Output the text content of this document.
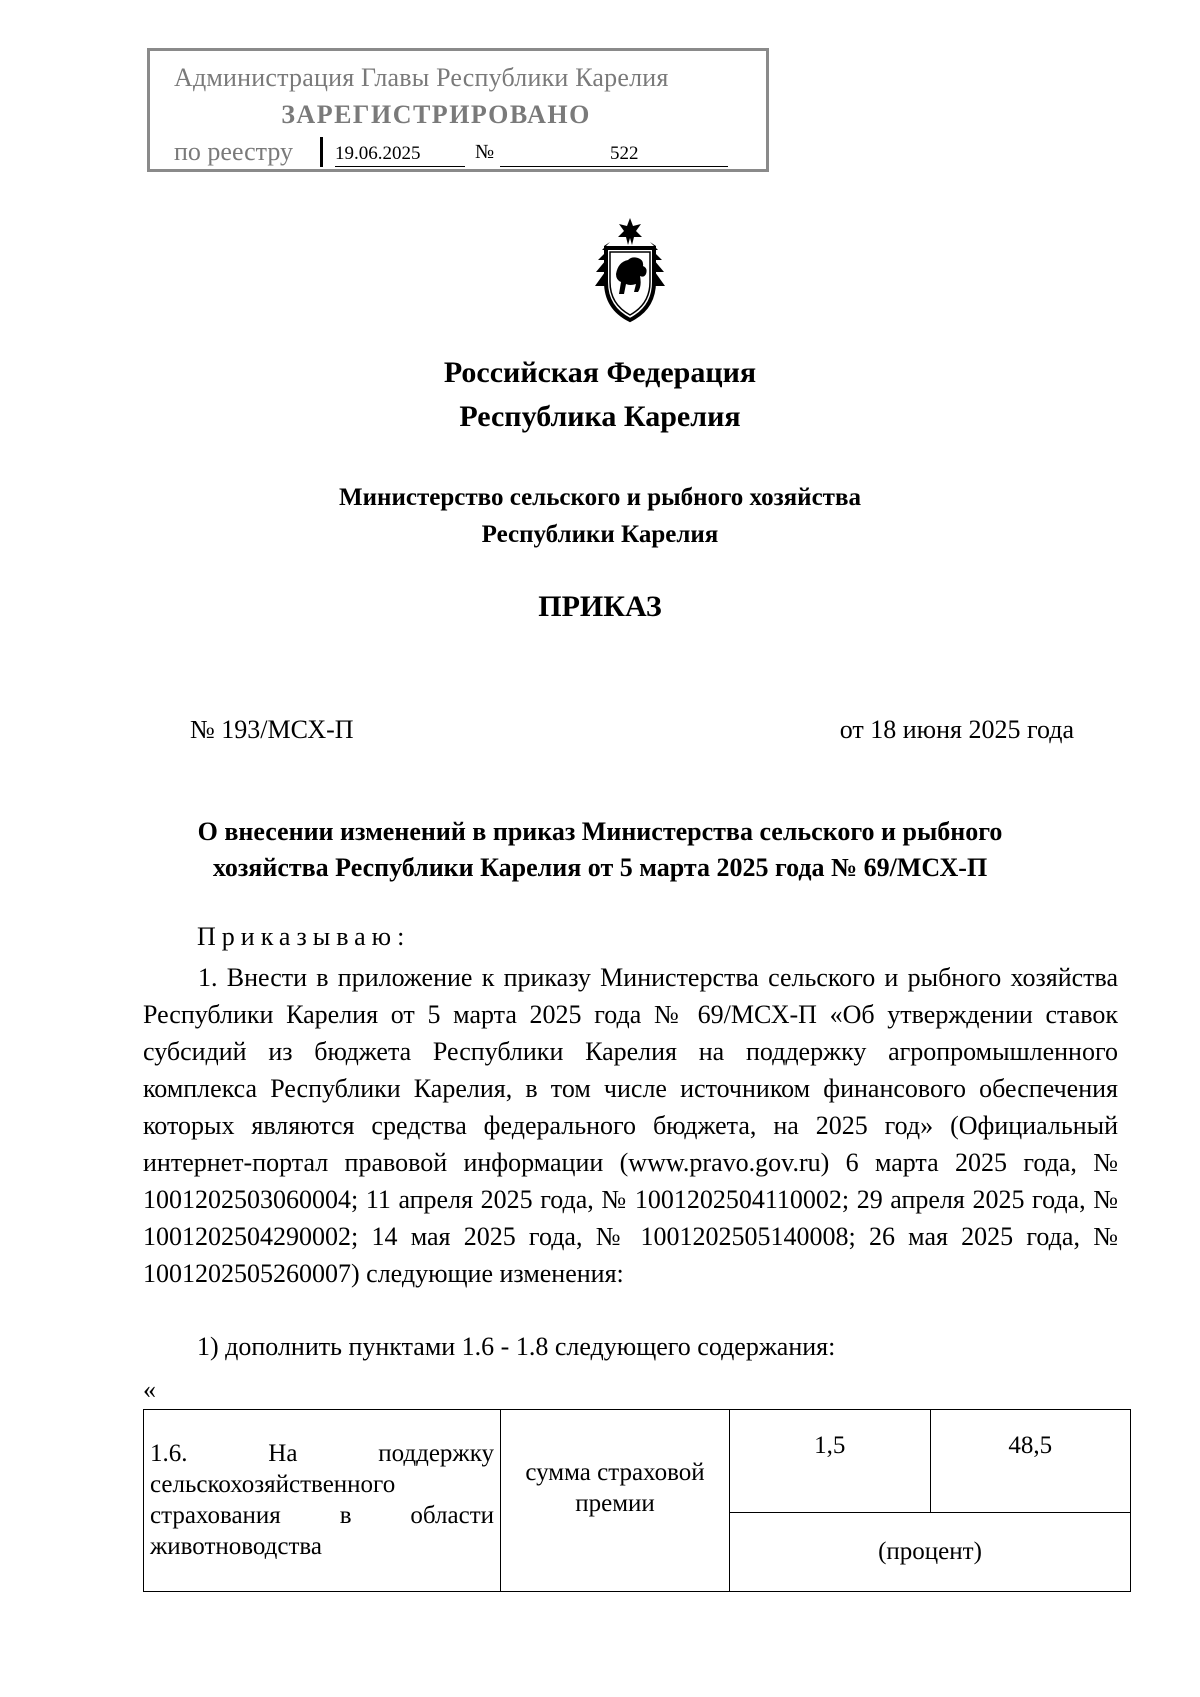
Администрация Главы Республики Карелия
ЗАРЕГИСТРИРОВАНО
по реестру 19.06.2025	№	522
Российская Федерация
Республика Карелия
Министерство сельского и рыбного хозяйства
Республики Карелия
ПРИКАЗ
№ 193/МСХ-П	от 18 июня 2025 года
О внесении изменений в приказ Министерства сельского и рыбного
хозяйства Республики Карелия от 5 марта 2025 года № 69/МСХ-П
Приказываю:
1. Внести в приложение к приказу Министерства сельского и рыбного хозяйства Республики Карелия от 5 марта 2025 года № 69/МСХ-П «Об утверждении ставок субсидий из бюджета Республики Карелия на поддержку агропромышленного комплекса Республики Карелия, в том числе источником финансового обеспечения которых являются средства федерального бюджета, на 2025 год» (Официальный интернет-портал правовой информации (www.pravo.gov.ru) 6 марта 2025 года, № 1001202503060004; 11 апреля 2025 года, № 1001202504110002; 29 апреля 2025 года, № 1001202504290002; 14 мая 2025 года, № 1001202505140008; 26 мая 2025 года, № 1001202505260007) следующие изменения:
1) дополнить пунктами 1.6 - 1.8 следующего содержания:
«
1.6. На поддержку
сельскохозяйственного
страхования в области
животноводства
	сумма страховой премии	1,5	48,5
(процент)
